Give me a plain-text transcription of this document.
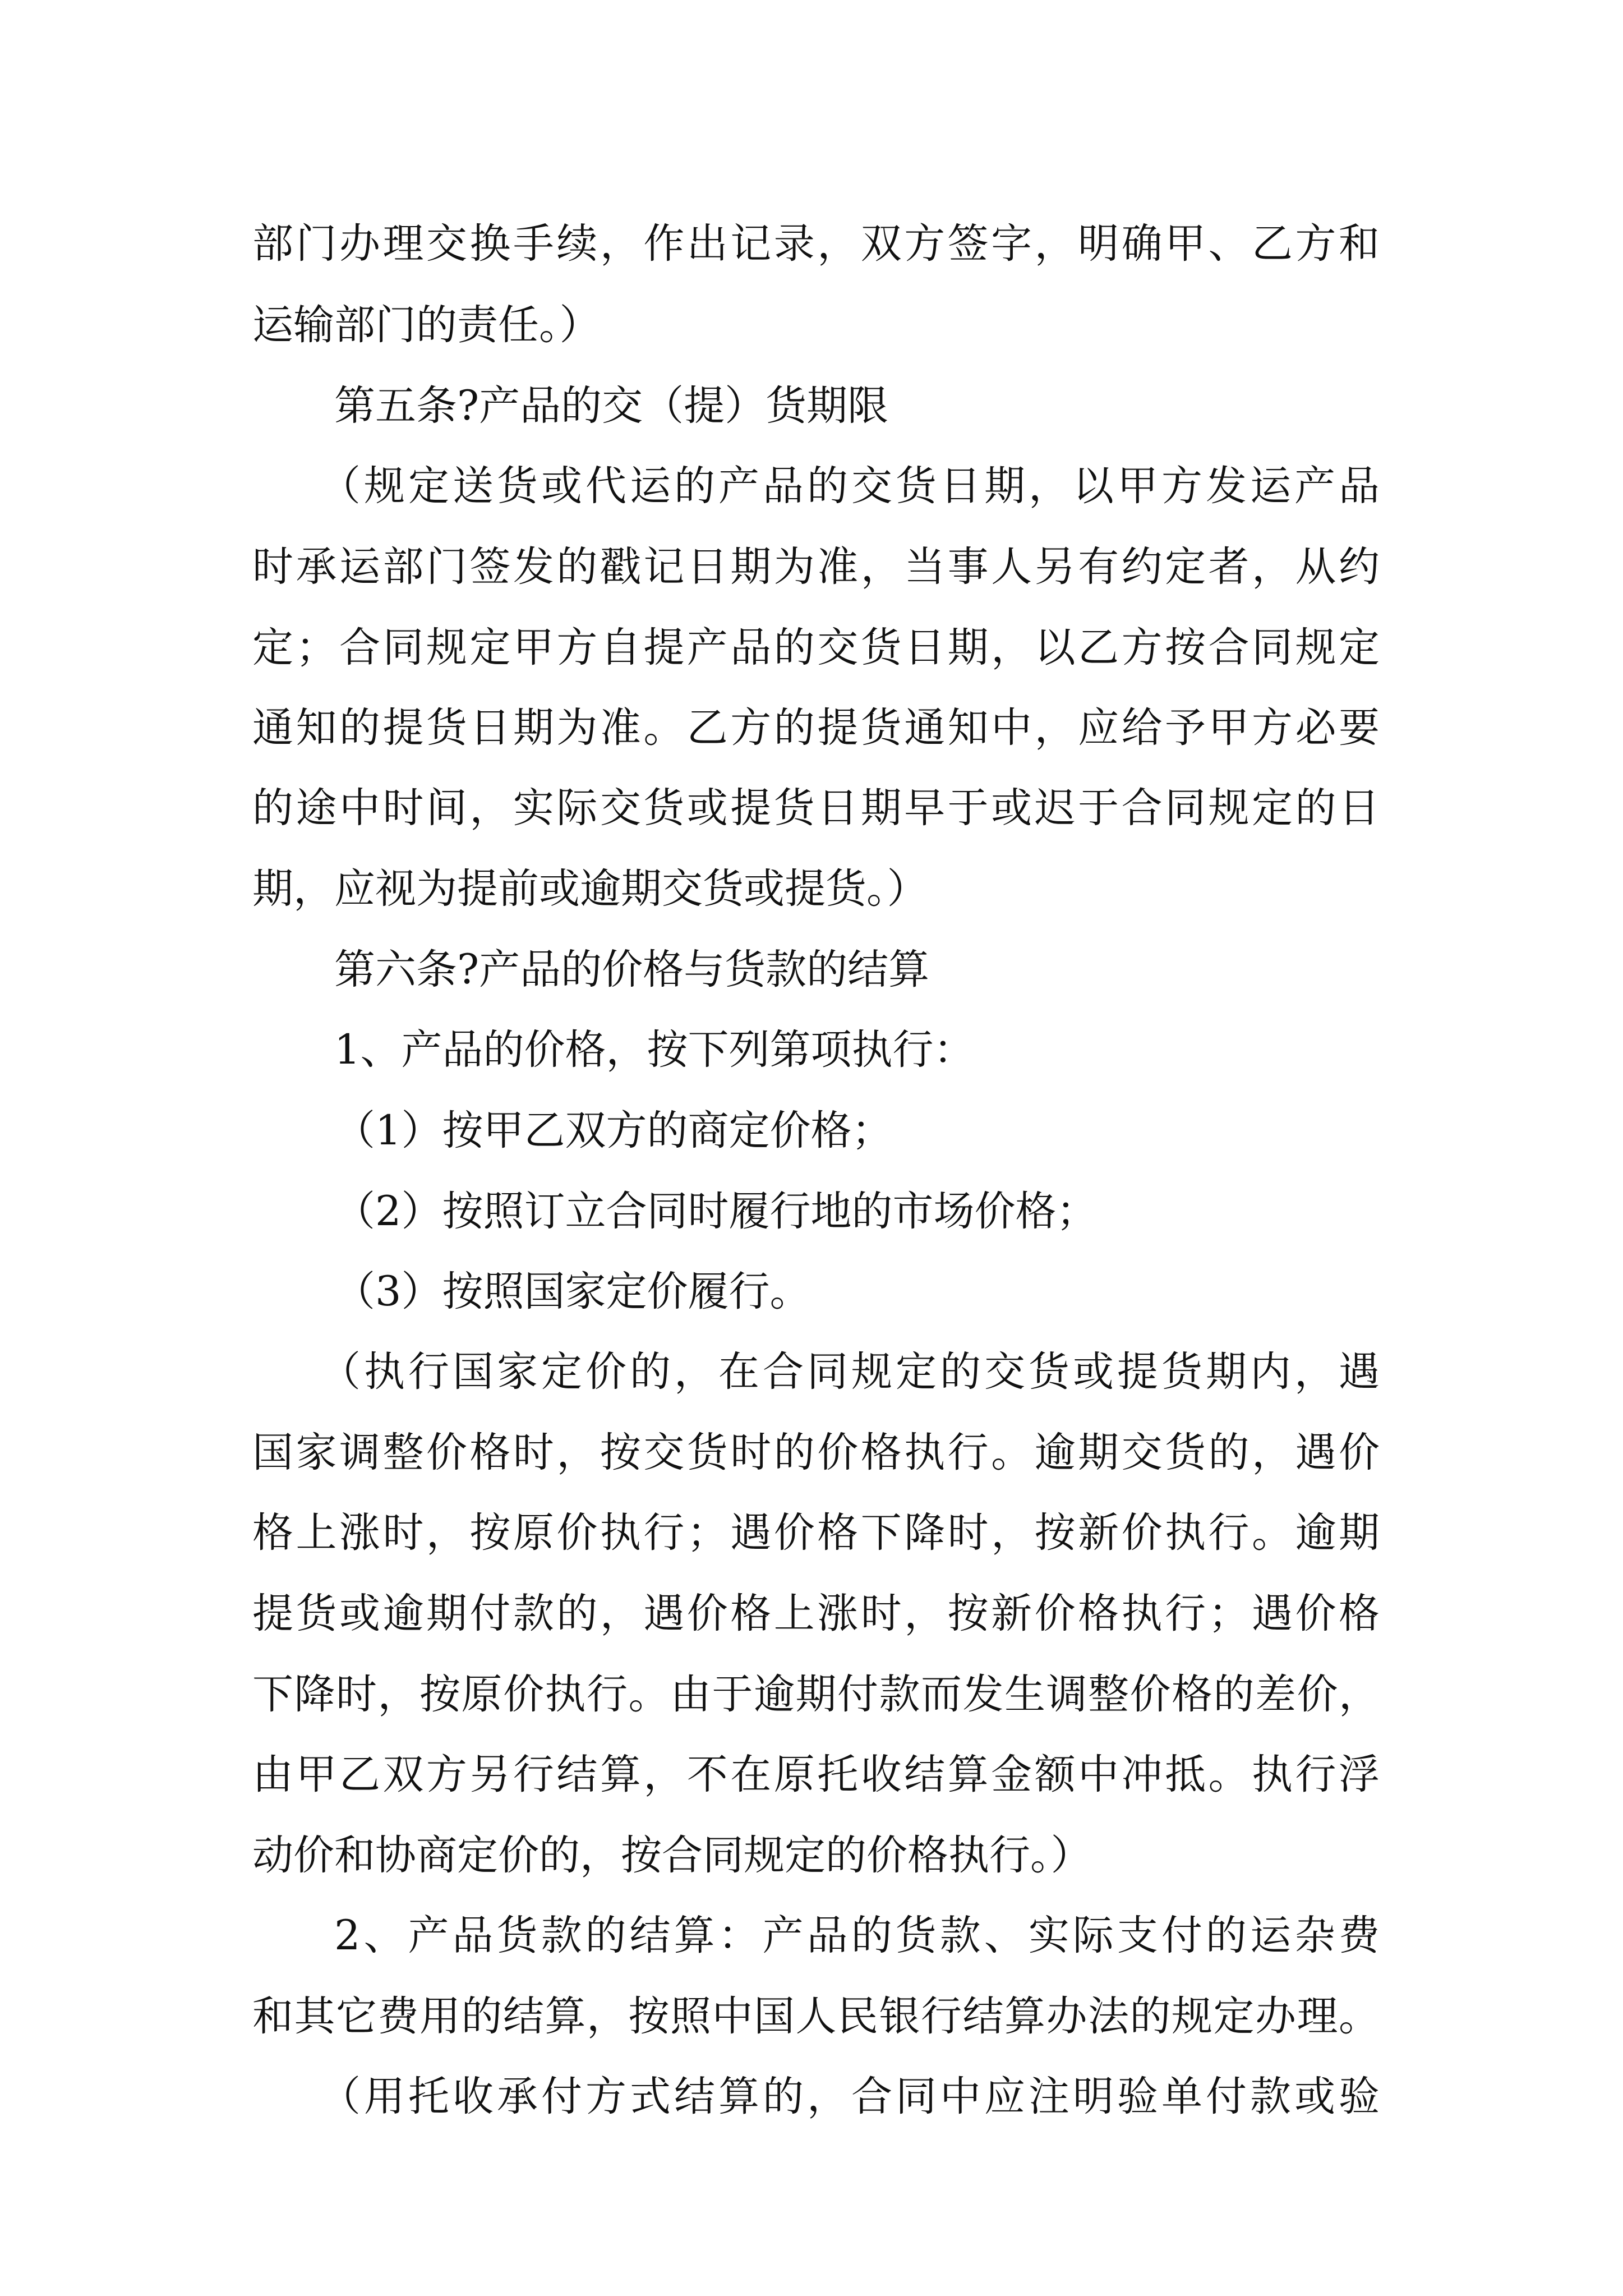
部门办理交换手续，作出记录，双方签字，明确甲、乙方和

运输部门的责任。）

第五条?产品的交（提）货期限

（规定送货或代运的产品的交货日期，以甲方发运产品

时承运部门签发的戳记日期为准，当事人另有约定者，从约

定；合同规定甲方自提产品的交货日期，以乙方按合同规定

通知的提货日期为准。乙方的提货通知中，应给予甲方必要

的途中时间，实际交货或提货日期早于或迟于合同规定的日

期，应视为提前或逾期交货或提货。）

第六条?产品的价格与货款的结算

1、产品的价格，按下列第项执行：

（1）按甲乙双方的商定价格；

（2）按照订立合同时履行地的市场价格；

（3）按照国家定价履行。

（执行国家定价的，在合同规定的交货或提货期内，遇

国家调整价格时，按交货时的价格执行。逾期交货的，遇价

格上涨时，按原价执行；遇价格下降时，按新价执行。逾期

提货或逾期付款的，遇价格上涨时，按新价格执行；遇价格

下降时，按原价执行。由于逾期付款而发生调整价格的差价，

由甲乙双方另行结算，不在原托收结算金额中冲抵。执行浮

动价和协商定价的，按合同规定的价格执行。）

2、产品货款的结算：产品的货款、实际支付的运杂费

和其它费用的结算，按照中国人民银行结算办法的规定办理。

（用托收承付方式结算的，合同中应注明验单付款或验
